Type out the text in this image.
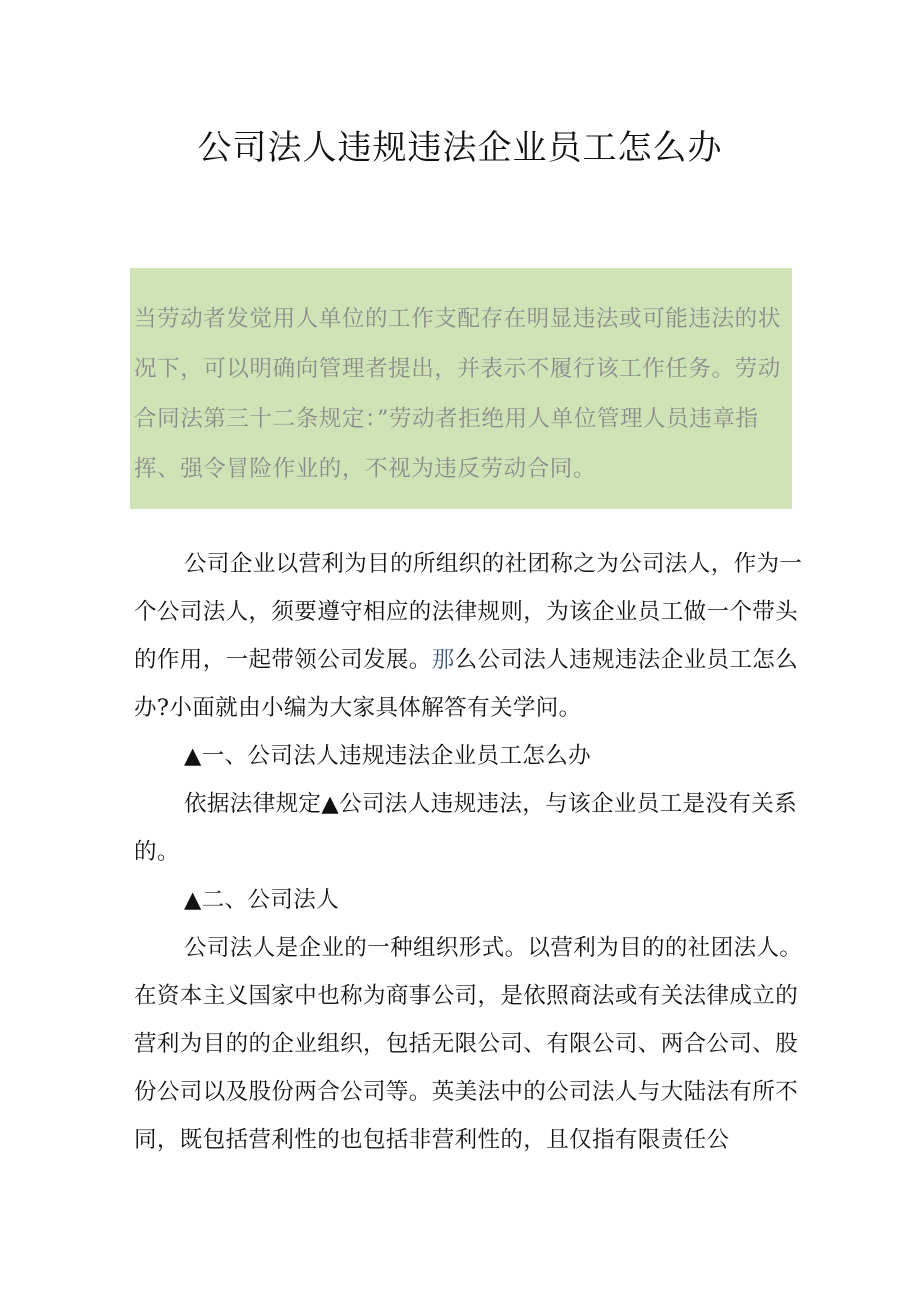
公司法人违规违法企业员工怎么办

当劳动者发觉用人单位的工作支配存在明显违法或可能违法的状况下，可以明确向管理者提出，并表示不履行该工作任务。劳动合同法第三十二条规定：”劳动者拒绝用人单位管理人员违章指挥、强令冒险作业的，不视为违反劳动合同。

公司企业以营利为目的所组织的社团称之为公司法人，作为一个公司法人，须要遵守相应的法律规则，为该企业员工做一个带头的作用，一起带领公司发展。那么公司法人违规违法企业员工怎么办?小面就由小编为大家具体解答有关学问。

▲一、公司法人违规违法企业员工怎么办

依据法律规定▲公司法人违规违法，与该企业员工是没有关系的。

▲二、公司法人

公司法人是企业的一种组织形式。以营利为目的的社团法人。在资本主义国家中也称为商事公司，是依照商法或有关法律成立的营利为目的的企业组织，包括无限公司、有限公司、两合公司、股份公司以及股份两合公司等。英美法中的公司法人与大陆法有所不同，既包括营利性的也包括非营利性的，且仅指有限责任公
